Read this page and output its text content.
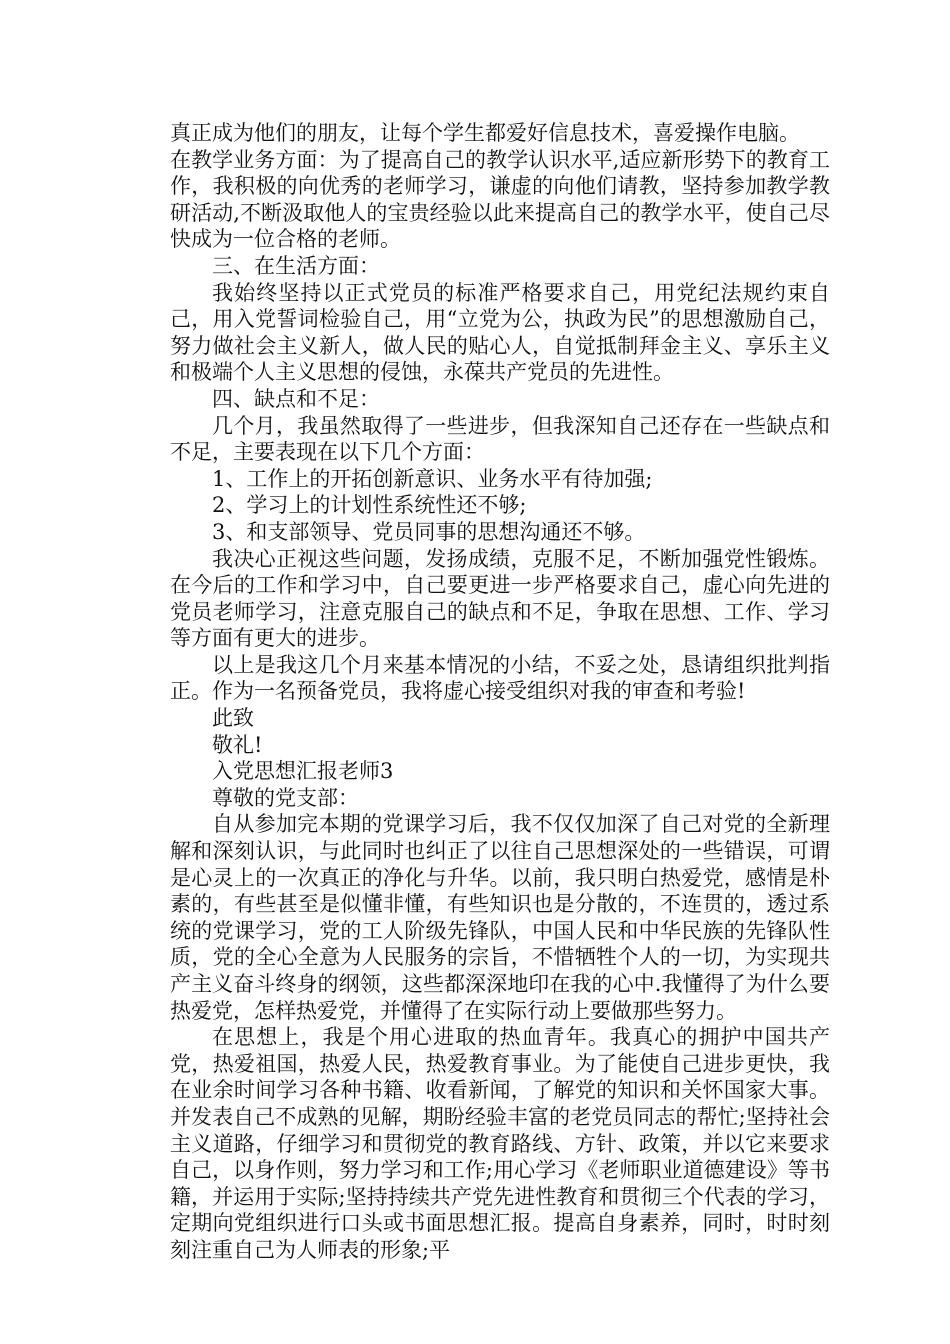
真正成为他们的朋友，让每个学生都爱好信息技术，喜爱操作电脑。

在教学业务方面：为了提高自己的教学认识水平,适应新形势下的教育工作，我积极的向优秀的老师学习，谦虚的向他们请教，坚持参加教学教研活动,不断汲取他人的宝贵经验以此来提高自己的教学水平，使自己尽快成为一位合格的老师。

三、在生活方面：

我始终坚持以正式党员的标准严格要求自己，用党纪法规约束自己，用入党誓词检验自己，用“立党为公，执政为民”的思想激励自己，努力做社会主义新人，做人民的贴心人，自觉抵制拜金主义、享乐主义和极端个人主义思想的侵蚀，永葆共产党员的先进性。

四、缺点和不足：

几个月，我虽然取得了一些进步，但我深知自己还存在一些缺点和不足，主要表现在以下几个方面：

1、工作上的开拓创新意识、业务水平有待加强;

2、学习上的计划性系统性还不够;

3、和支部领导、党员同事的思想沟通还不够。

我决心正视这些问题，发扬成绩，克服不足，不断加强党性锻炼。在今后的工作和学习中，自己要更进一步严格要求自己，虚心向先进的党员老师学习，注意克服自己的缺点和不足，争取在思想、工作、学习等方面有更大的进步。

以上是我这几个月来基本情况的小结，不妥之处，恳请组织批判指正。作为一名预备党员，我将虚心接受组织对我的审查和考验!

此致

敬礼!

入党思想汇报老师3

尊敬的党支部：

自从参加完本期的党课学习后，我不仅仅加深了自己对党的全新理解和深刻认识，与此同时也纠正了以往自己思想深处的一些错误，可谓是心灵上的一次真正的净化与升华。以前，我只明白热爱党，感情是朴素的，有些甚至是似懂非懂，有些知识也是分散的，不连贯的，透过系统的党课学习，党的工人阶级先锋队，中国人民和中华民族的先锋队性质，党的全心全意为人民服务的宗旨，不惜牺牲个人的一切，为实现共产主义奋斗终身的纲领，这些都深深地印在我的心中.我懂得了为什么要热爱党，怎样热爱党，并懂得了在实际行动上要做那些努力。

在思想上，我是个用心进取的热血青年。我真心的拥护中国共产党，热爱祖国，热爱人民，热爱教育事业。为了能使自己进步更快，我在业余时间学习各种书籍、收看新闻，了解党的知识和关怀国家大事。并发表自己不成熟的见解，期盼经验丰富的老党员同志的帮忙;坚持社会主义道路，仔细学习和贯彻党的教育路线、方针、政策，并以它来要求自己，以身作则，努力学习和工作;用心学习《老师职业道德建设》等书籍，并运用于实际;坚持持续共产党先进性教育和贯彻三个代表的学习，定期向党组织进行口头或书面思想汇报。提高自身素养，同时，时时刻刻注重自己为人师表的形象;平
